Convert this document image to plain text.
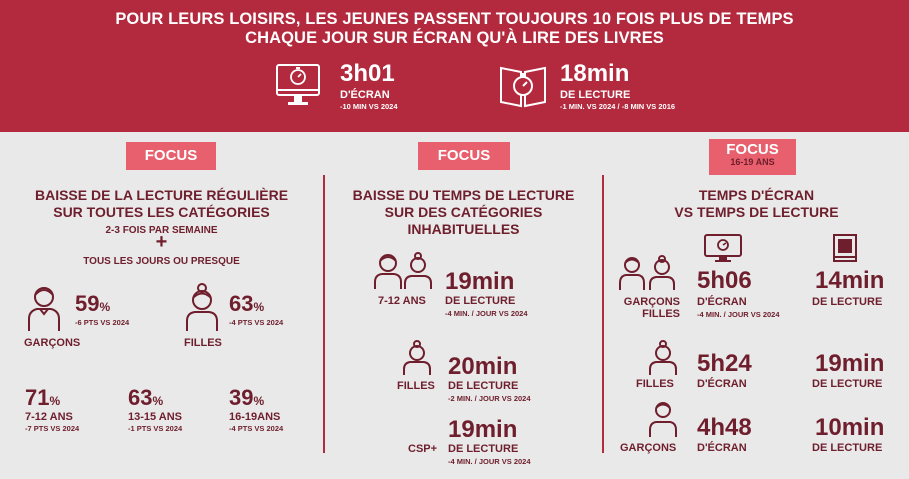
POUR LEURS LOISIRS, LES JEUNES PASSENT TOUJOURS 10 FOIS PLUS DE TEMPS
CHAQUE JOUR SUR ÉCRAN QU'À LIRE DES LIVRES
3h01
D'ÉCRAN
-10 MIN VS 2024
18min
DE LECTURE
-1 MIN. VS 2024 / -8 MIN VS 2016
FOCUS
BAISSE DE LA LECTURE RÉGULIÈRE
SUR TOUTES LES CATÉGORIES
2-3 FOIS PAR SEMAINE
+
TOUS LES JOURS OU PRESQUE
59%
-6 PTS VS 2024
GARÇONS
63%
-4 PTS VS 2024
FILLES
71%
7-12 ANS
-7 PTS VS 2024
63%
13-15 ANS
-1 PTS VS 2024
39%
16-19ANS
-4 PTS VS 2024
FOCUS
BAISSE DU TEMPS DE LECTURE
SUR DES CATÉGORIES
INHABITUELLES
7-12 ANS
19min
DE LECTURE
-4 MIN. / JOUR VS 2024
FILLES
20min
DE LECTURE
-2 MIN. / JOUR VS 2024
CSP+
19min
DE LECTURE
-4 MIN. / JOUR VS 2024
FOCUS
16-19 ANS
TEMPS D'ÉCRAN
VS TEMPS DE LECTURE
GARÇONS
FILLES
5h06
D'ÉCRAN
-4 MIN. / JOUR VS 2024
14min
DE LECTURE
FILLES
5h24
D'ÉCRAN
19min
DE LECTURE
GARÇONS
4h48
D'ÉCRAN
10min
DE LECTURE
